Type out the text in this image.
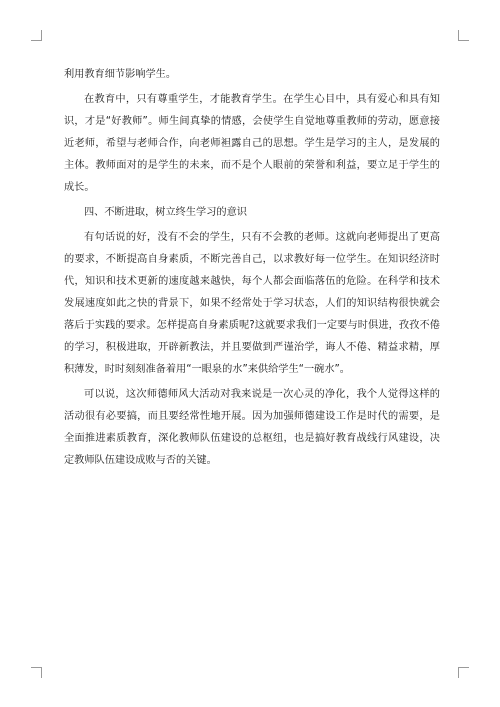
利用教育细节影响学生。

在教育中，只有尊重学生，才能教育学生。在学生心目中，具有爱心和具有知识，才是“好教师”。师生间真挚的情感，会使学生自觉地尊重教师的劳动，愿意接近老师，希望与老师合作，向老师袒露自己的思想。学生是学习的主人，是发展的主体。教师面对的是学生的未来，而不是个人眼前的荣誉和利益，要立足于学生的成长。

四、不断进取，树立终生学习的意识

有句话说的好，没有不会的学生，只有不会教的老师。这就向老师提出了更高的要求，不断提高自身素质，不断完善自己，以求教好每一位学生。在知识经济时代，知识和技术更新的速度越来越快，每个人都会面临落伍的危险。在科学和技术发展速度如此之快的背景下，如果不经常处于学习状态，人们的知识结构很快就会落后于实践的要求。怎样提高自身素质呢?这就要求我们一定要与时俱进，孜孜不倦的学习，积极进取，开辟新教法，并且要做到严谨治学，诲人不倦、精益求精，厚积薄发，时时刻刻准备着用“一眼泉的水”来供给学生“一碗水”。

可以说，这次师德师风大活动对我来说是一次心灵的净化，我个人觉得这样的活动很有必要搞，而且要经常性地开展。因为加强师德建设工作是时代的需要，是全面推进素质教育，深化教师队伍建设的总枢纽，也是搞好教育战线行风建设，决定教师队伍建设成败与否的关键。
